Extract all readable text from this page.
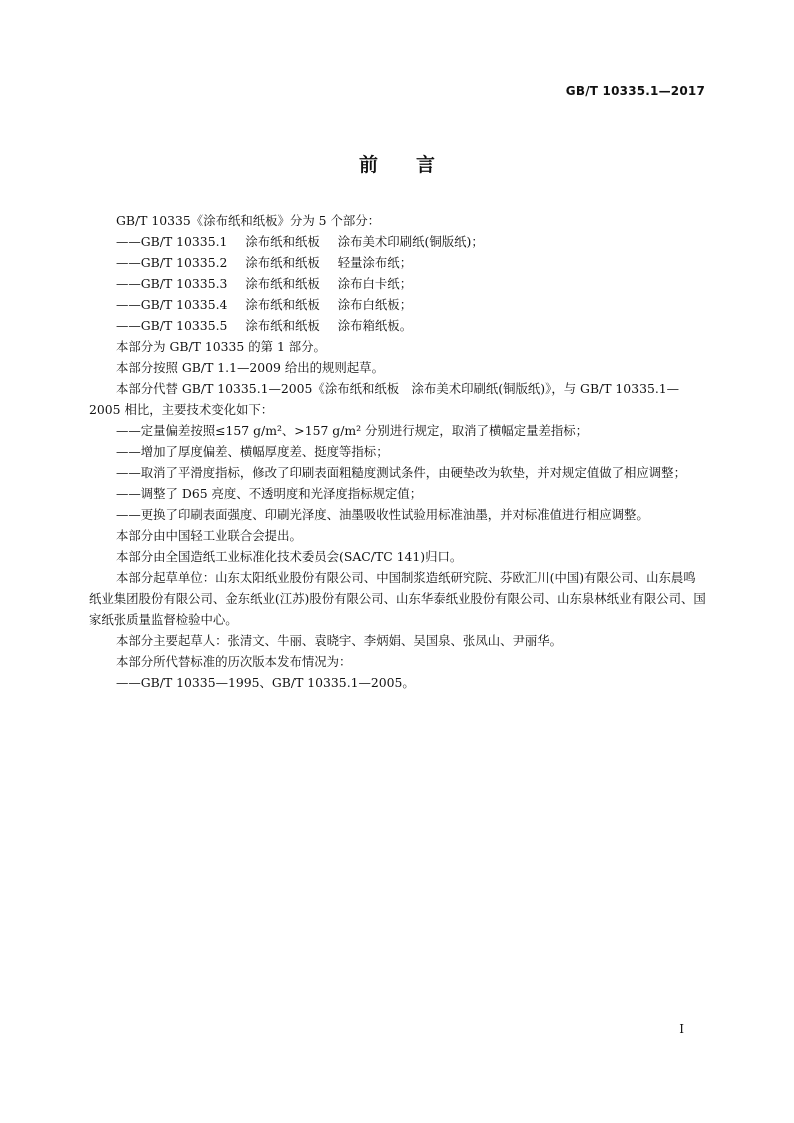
GB/T 10335.1—2017
前 言

GB/T 10335《涂布纸和纸板》分为 5 个部分：

——GB/T 10335.1 涂布纸和纸板 涂布美术印刷纸(铜版纸)；

——GB/T 10335.2 涂布纸和纸板 轻量涂布纸；

——GB/T 10335.3 涂布纸和纸板 涂布白卡纸；

——GB/T 10335.4 涂布纸和纸板 涂布白纸板；

——GB/T 10335.5 涂布纸和纸板 涂布箱纸板。

本部分为 GB/T 10335 的第 1 部分。

本部分按照 GB/T 1.1—2009 给出的规则起草。

本部分代替 GB/T 10335.1—2005《涂布纸和纸板　涂布美术印刷纸(铜版纸)》，与 GB/T 10335.1—2005 相比，主要技术变化如下：

——定量偏差按照≤157 g/m²、>157 g/m² 分别进行规定，取消了横幅定量差指标；

——增加了厚度偏差、横幅厚度差、挺度等指标；

——取消了平滑度指标，修改了印刷表面粗糙度测试条件，由硬垫改为软垫，并对规定值做了相应调整；

——调整了 D65 亮度、不透明度和光泽度指标规定值；

——更换了印刷表面强度、印刷光泽度、油墨吸收性试验用标准油墨，并对标准值进行相应调整。

本部分由中国轻工业联合会提出。

本部分由全国造纸工业标准化技术委员会(SAC/TC 141)归口。

本部分起草单位：山东太阳纸业股份有限公司、中国制浆造纸研究院、芬欧汇川(中国)有限公司、山东晨鸣纸业集团股份有限公司、金东纸业(江苏)股份有限公司、山东华泰纸业股份有限公司、山东泉林纸业有限公司、国家纸张质量监督检验中心。

本部分主要起草人：张清文、牛丽、袁晓宇、李炳娟、吴国泉、张凤山、尹丽华。

本部分所代替标准的历次版本发布情况为：

——GB/T 10335—1995、GB/T 10335.1—2005。

I
